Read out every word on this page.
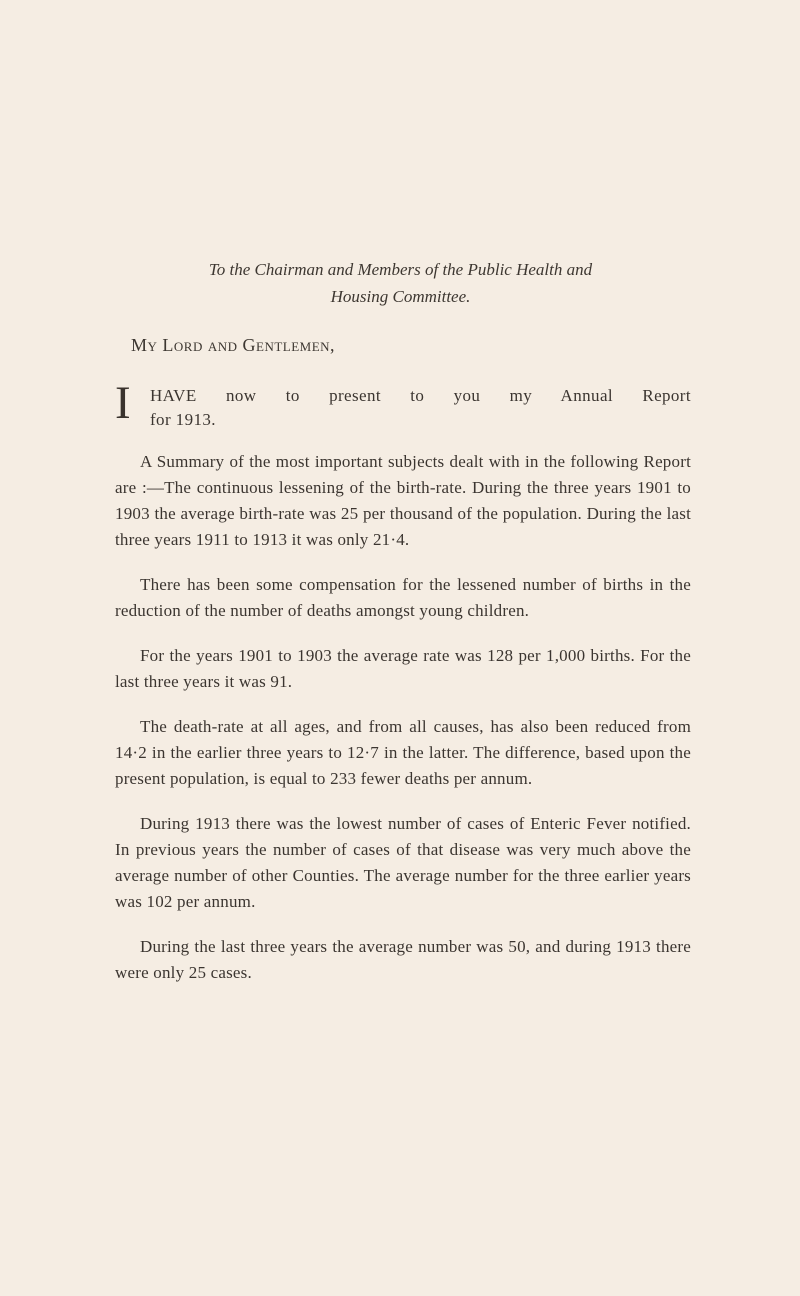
To the Chairman and Members of the Public Health and
Housing Committee.
My Lord and Gentlemen,
I HAVE now to present to you my Annual Report
for 1913.

A Summary of the most important subjects dealt with in the following Report are :—The continuous lessening of the birth-rate. During the three years 1901 to 1903 the average birth-rate was 25 per thousand of the population. During the last three years 1911 to 1913 it was only 21·4.

There has been some compensation for the lessened number of births in the reduction of the number of deaths amongst young children.

For the years 1901 to 1903 the average rate was 128 per 1,000 births. For the last three years it was 91.

The death-rate at all ages, and from all causes, has also been reduced from 14·2 in the earlier three years to 12·7 in the latter. The difference, based upon the present population, is equal to 233 fewer deaths per annum.

During 1913 there was the lowest number of cases of Enteric Fever notified. In previous years the number of cases of that disease was very much above the average number of other Counties. The average number for the three earlier years was 102 per annum.

During the last three years the average number was 50, and during 1913 there were only 25 cases.
